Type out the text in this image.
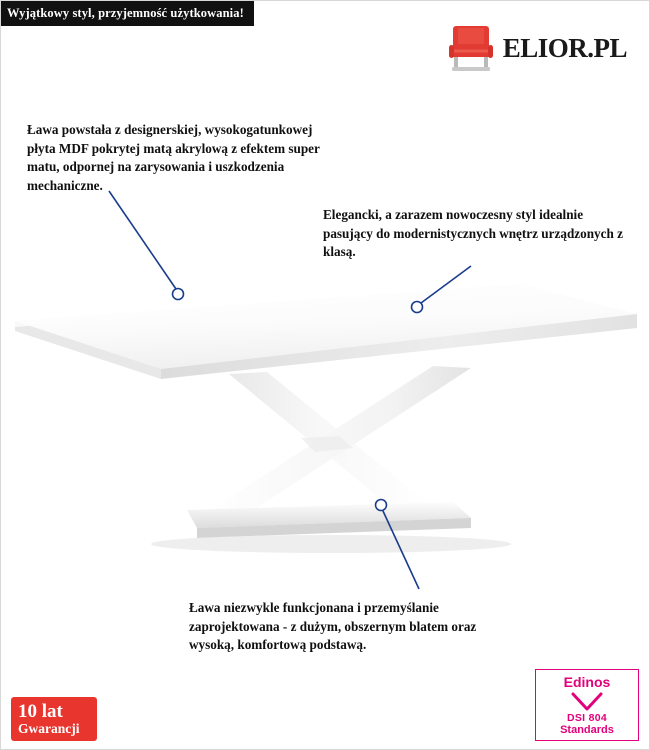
Wyjątkowy styl, przyjemność użytkowania!
ELIOR.PL
Ława powstała z designerskiej, wysokogatunkowej płyta MDF pokrytej matą akrylową z efektem super matu, odpornej na zarysowania i uszkodzenia mechaniczne.
Elegancki, a zarazem nowoczesny styl idealnie pasujący do modernistycznych wnętrz urządzonych z klasą.
Ława niezwykle funkcjonana i przemyślanie zaprojektowana - z dużym, obszernym blatem oraz wysoką, komfortową podstawą.
10 lat
Gwarancji
Edinos
DSI 804
Standards
